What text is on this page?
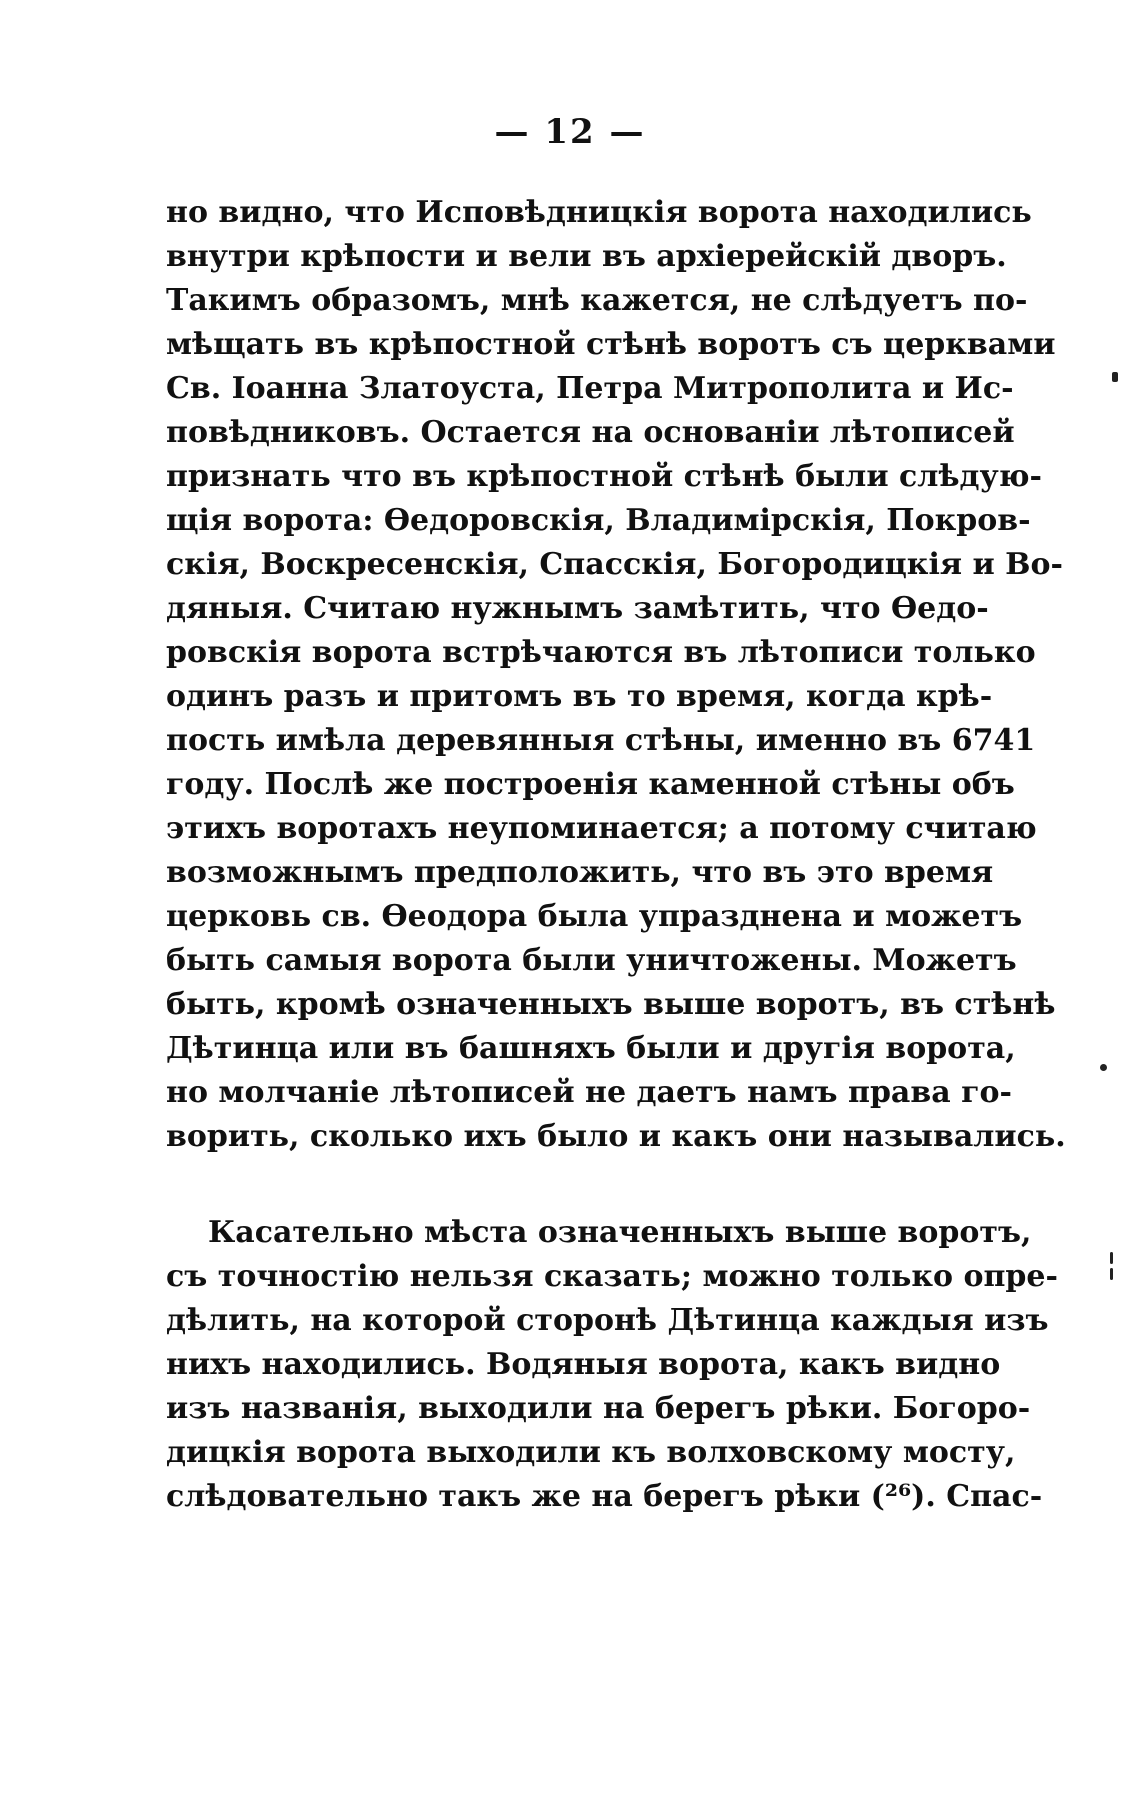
— 12 —
но видно, что Исповѣдницкія ворота находились
внутри крѣпости и вели въ архіерейскій дворъ.
Такимъ образомъ, мнѣ кажется, не слѣдуетъ по-
мѣщать въ крѣпостной стѣнѣ воротъ съ церквами
Св. Іоанна Златоуста, Петра Митрополита и Ис-
повѣдниковъ. Остается на основаніи лѣтописей
признать что въ крѣпостной стѣнѣ были слѣдую-
щія ворота: Ѳедоровскія, Владимірскія, Покров-
скія, Воскресенскія, Спасскія, Богородицкія и Во-
дяныя. Считаю нужнымъ замѣтить, что Ѳедо-
ровскія ворота встрѣчаются въ лѣтописи только
одинъ разъ и притомъ въ то время, когда крѣ-
пость имѣла деревянныя стѣны, именно въ 6741
году. Послѣ же построенія каменной стѣны объ
этихъ воротахъ неупоминается; а потому считаю
возможнымъ предположить, что въ это время
церковь св. Ѳеодора была упразднена и можетъ
быть самыя ворота были уничтожены. Можетъ
быть, кромѣ означенныхъ выше воротъ, въ стѣнѣ
Дѣтинца или въ башняхъ были и другія ворота,
но молчаніе лѣтописей не даетъ намъ права го-
ворить, сколько ихъ было и какъ они назывались.
Касательно мѣста означенныхъ выше воротъ,
съ точностію нельзя сказать; можно только опре-
дѣлить, на которой сторонѣ Дѣтинца каждыя изъ
нихъ находились. Водяныя ворота, какъ видно
изъ названія, выходили на берегъ рѣки. Богоро-
дицкія ворота выходили къ волховскому мосту,
слѣдовательно такъ же на берегъ рѣки (²⁶). Спас-
